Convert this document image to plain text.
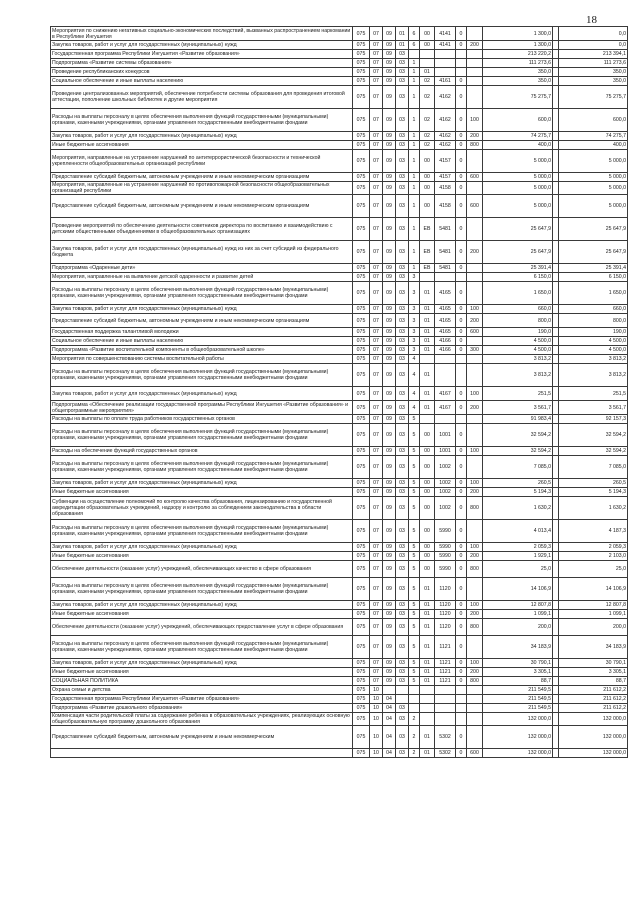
18
Мероприятия по снижению негативных социально-экономических последствий, вызванных распространением наркомании в Республике Ингушетия	075	07	09	01	6	00	4141	0		1 300,0		0,0
Закупка товаров, работ и услуг для государственных (муниципальных) нужд	075	07	09	01	6	00	4141	0	200	1 300,0		0,0
Государственная программа Республики Ингушетия «Развитие образования»	075	07	09	03						213 220,2		213 394,1
Подпрограмма «Развитие системы образования»	075	07	09	03	1					111 273,6		111 273,6
Проведение республиканских конкурсов	075	07	09	03	1	01				350,0		350,0
Социальное обеспечение и иные выплаты населению	075	07	09	03	1	02	4161	0		350,0		350,0
Проведение централизованных мероприятий, обеспечение потребности системы образования для проведения итоговой аттестации, пополнение школьных библиотек и другие мероприятия	075	07	09	03	1	02	4162	0		75 275,7		75 275,7
Расходы на выплаты персоналу в целях обеспечения выполнения функций государственными (муниципальными) органами, казенными учреждениями, органами управления государственными внебюджетными фондами	075	07	09	03	1	02	4162	0	100	600,0		600,0
Закупка товаров, работ и услуг для государственных (муниципальных) нужд	075	07	09	03	1	02	4162	0	200	74 275,7		74 275,7
Иные бюджетные ассигнования	075	07	09	03	1	02	4162	0	800	400,0		400,0
Мероприятия, направленные на устранение нарушений по антитеррористической безопасности и технической укрепленности общеобразовательных организаций республики	075	07	09	03	1	00	4157	0		5 000,0		5 000,0
Предоставление субсидий бюджетным, автономным учреждениям и иным некоммерческим организациям	075	07	09	03	1	00	4157	0	600	5 000,0		5 000,0
Мероприятия, направленные на устранение нарушений по противопожарной безопасности общеобразовательных организаций республики	075	07	09	03	1	00	4158	0		5 000,0		5 000,0
Предоставление субсидий бюджетным, автономным учреждениям и иным некоммерческим организациям	075	07	09	03	1	00	4158	0	600	5 000,0		5 000,0
Проведение мероприятий по обеспечению деятельности советников директора по воспитанию и взаимодействию с детскими общественными объединениями в общеобразовательных организациях	075	07	09	03	1	ЕВ	5481	0		25 647,9		25 647,9
Закупка товаров, работ и услуг для государственных (муниципальных) нужд из них за счет субсидий из федерального бюджета	075	07	09	03	1	ЕВ	5481	0	200	25 647,9		25 647,9
Подпрограмма «Одаренные дети»	075	07	09	03	1	ЕВ	5481	0		25 391,4		25 391,4
Мероприятия, направленные на выявление детской одаренности и развитие детей	075	07	09	03	3					6 150,0		6 150,0
Расходы на выплаты персоналу в целях обеспечения выполнения функций государственными (муниципальными) органами, казенными учреждениями, органами управления государственными внебюджетными фондами	075	07	09	03	3	01	4165	0		1 650,0		1 650,0
Закупка товаров, работ и услуг для государственных (муниципальных) нужд	075	07	09	03	3	01	4165	0	100	660,0		660,0
Предоставление субсидий бюджетным, автономным учреждениям и иным некоммерческим организациям	075	07	09	03	3	01	4165	0	200	800,0		800,0
Государственная поддержка талантливой молодежи	075	07	09	03	3	01	4165	0	600	190,0		190,0
Социальное обеспечение и иные выплаты населению	075	07	09	03	3	01	4166	0		4 500,0		4 500,0
Подпрограмма «Развитие воспитательной компоненты в общеобразовательной школе»	075	07	09	03	3	01	4166	0	300	4 500,0		4 500,0
Мероприятия по совершенствованию системы воспитательной работы	075	07	09	03	4					3 813,2		3 813,2
Расходы на выплаты персоналу в целях обеспечения выполнения функций государственными (муниципальными) органами, казенными учреждениями, органами управления государственными внебюджетными фондами	075	07	09	03	4	01				3 813,2		3 813,2
Закупка товаров, работ и услуг для государственных (муниципальных) нужд	075	07	09	03	4	01	4167	0	100	251,5		251,5
Подпрограмма «Обеспечение реализации государственной программы Республики Ингушетия «Развитие образования» и общепрограммные мероприятия»	075	07	09	03	4	01	4167	0	200	3 561,7		3 561,7
Расходы на выплаты по оплате труда работников государственных органов	075	07	09	03	5					91 983,4		92 157,3
Расходы на выплаты персоналу в целях обеспечения выполнения функций государственными (муниципальными) органами, казенными учреждениями, органами управления государственными внебюджетными фондами	075	07	09	03	5	00	1001	0		32 594,2		32 594,2
Расходы на обеспечение функций государственных органов	075	07	09	03	5	00	1001	0	100	32 594,2		32 594,2
Расходы на выплаты персоналу в целях обеспечения выполнения функций государственными (муниципальными) органами, казенными учреждениями, органами управления государственными внебюджетными фондами	075	07	09	03	5	00	1002	0		7 085,0		7 085,0
Закупка товаров, работ и услуг для государственных (муниципальных) нужд	075	07	09	03	5	00	1002	0	100	260,5		260,5
Иные бюджетные ассигнования	075	07	09	03	5	00	1002	0	200	5 194,3		5 194,3
Субвенции на осуществление полномочий по контролю качества образования, лицензированию и государственной аккредитации образовательных учреждений, надзору и контролю за соблюдением законодательства в области образования	075	07	09	03	5	00	1002	0	800	1 630,2		1 630,2
Расходы на выплаты персоналу в целях обеспечения выполнения функций государственными (муниципальными) органами, казенными учреждениями, органами управления государственными внебюджетными фондами	075	07	09	03	5	00	5990	0		4 013,4		4 187,3
Закупка товаров, работ и услуг для государственных (муниципальных) нужд	075	07	09	03	5	00	5990	0	100	2 059,3		2 059,3
Иные бюджетные ассигнования	075	07	09	03	5	00	5990	0	200	1 929,1		2 103,0
Обеспечение деятельности (оказание услуг) учреждений, обеспечивающих качество в сфере образования	075	07	09	03	5	00	5990	0	800	25,0		25,0
Расходы на выплаты персоналу в целях обеспечения выполнения функций государственными (муниципальными) органами, казенными учреждениями, органами управления государственными внебюджетными фондами	075	07	09	03	5	01	1120	0		14 106,9		14 106,9
Закупка товаров, работ и услуг для государственных (муниципальных) нужд	075	07	09	03	5	01	1120	0	100	12 807,8		12 807,8
Иные бюджетные ассигнования	075	07	09	03	5	01	1120	0	200	1 099,1		1 099,1
Обеспечение деятельности (оказание услуг) учреждений, обеспечивающих предоставление услуг в сфере образования	075	07	09	03	5	01	1120	0	800	200,0		200,0
Расходы на выплаты персоналу в целях обеспечения выполнения функций государственными (муниципальными) органами, казенными учреждениями, органами управления государственными внебюджетными фондами	075	07	09	03	5	01	1121	0		34 183,9		34 183,9
Закупка товаров, работ и услуг для государственных (муниципальных) нужд	075	07	09	03	5	01	1121	0	100	30 790,1		30 790,1
Иные бюджетные ассигнования	075	07	09	03	5	01	1121	0	200	3 305,1		3 305,1
СОЦИАЛЬНАЯ ПОЛИТИКА	075	07	09	03	5	01	1121	0	800	88,7		88,7
Охрана семьи и детства	075	10								211 549,5		211 612,2
Государственная программа Республики Ингушетия «Развитие образования»	075	10	04							211 549,5		211 612,2
Подпрограмма «Развитие дошкольного образования»	075	10	04	03						211 549,5		211 612,2
Компенсация части родительской платы за содержание ребенка в образовательных учреждениях, реализующих основную общеобразовательную программу дошкольного образования	075	10	04	03	2					132 000,0		132 000,0
Предоставление субсидий бюджетным, автономным учреждениям и иным некоммерческим	075	10	04	03	2	01	5302	0		132 000,0		132 000,0
	075	10	04	03	2	01	5302	0	600	132 000,0		132 000,0
